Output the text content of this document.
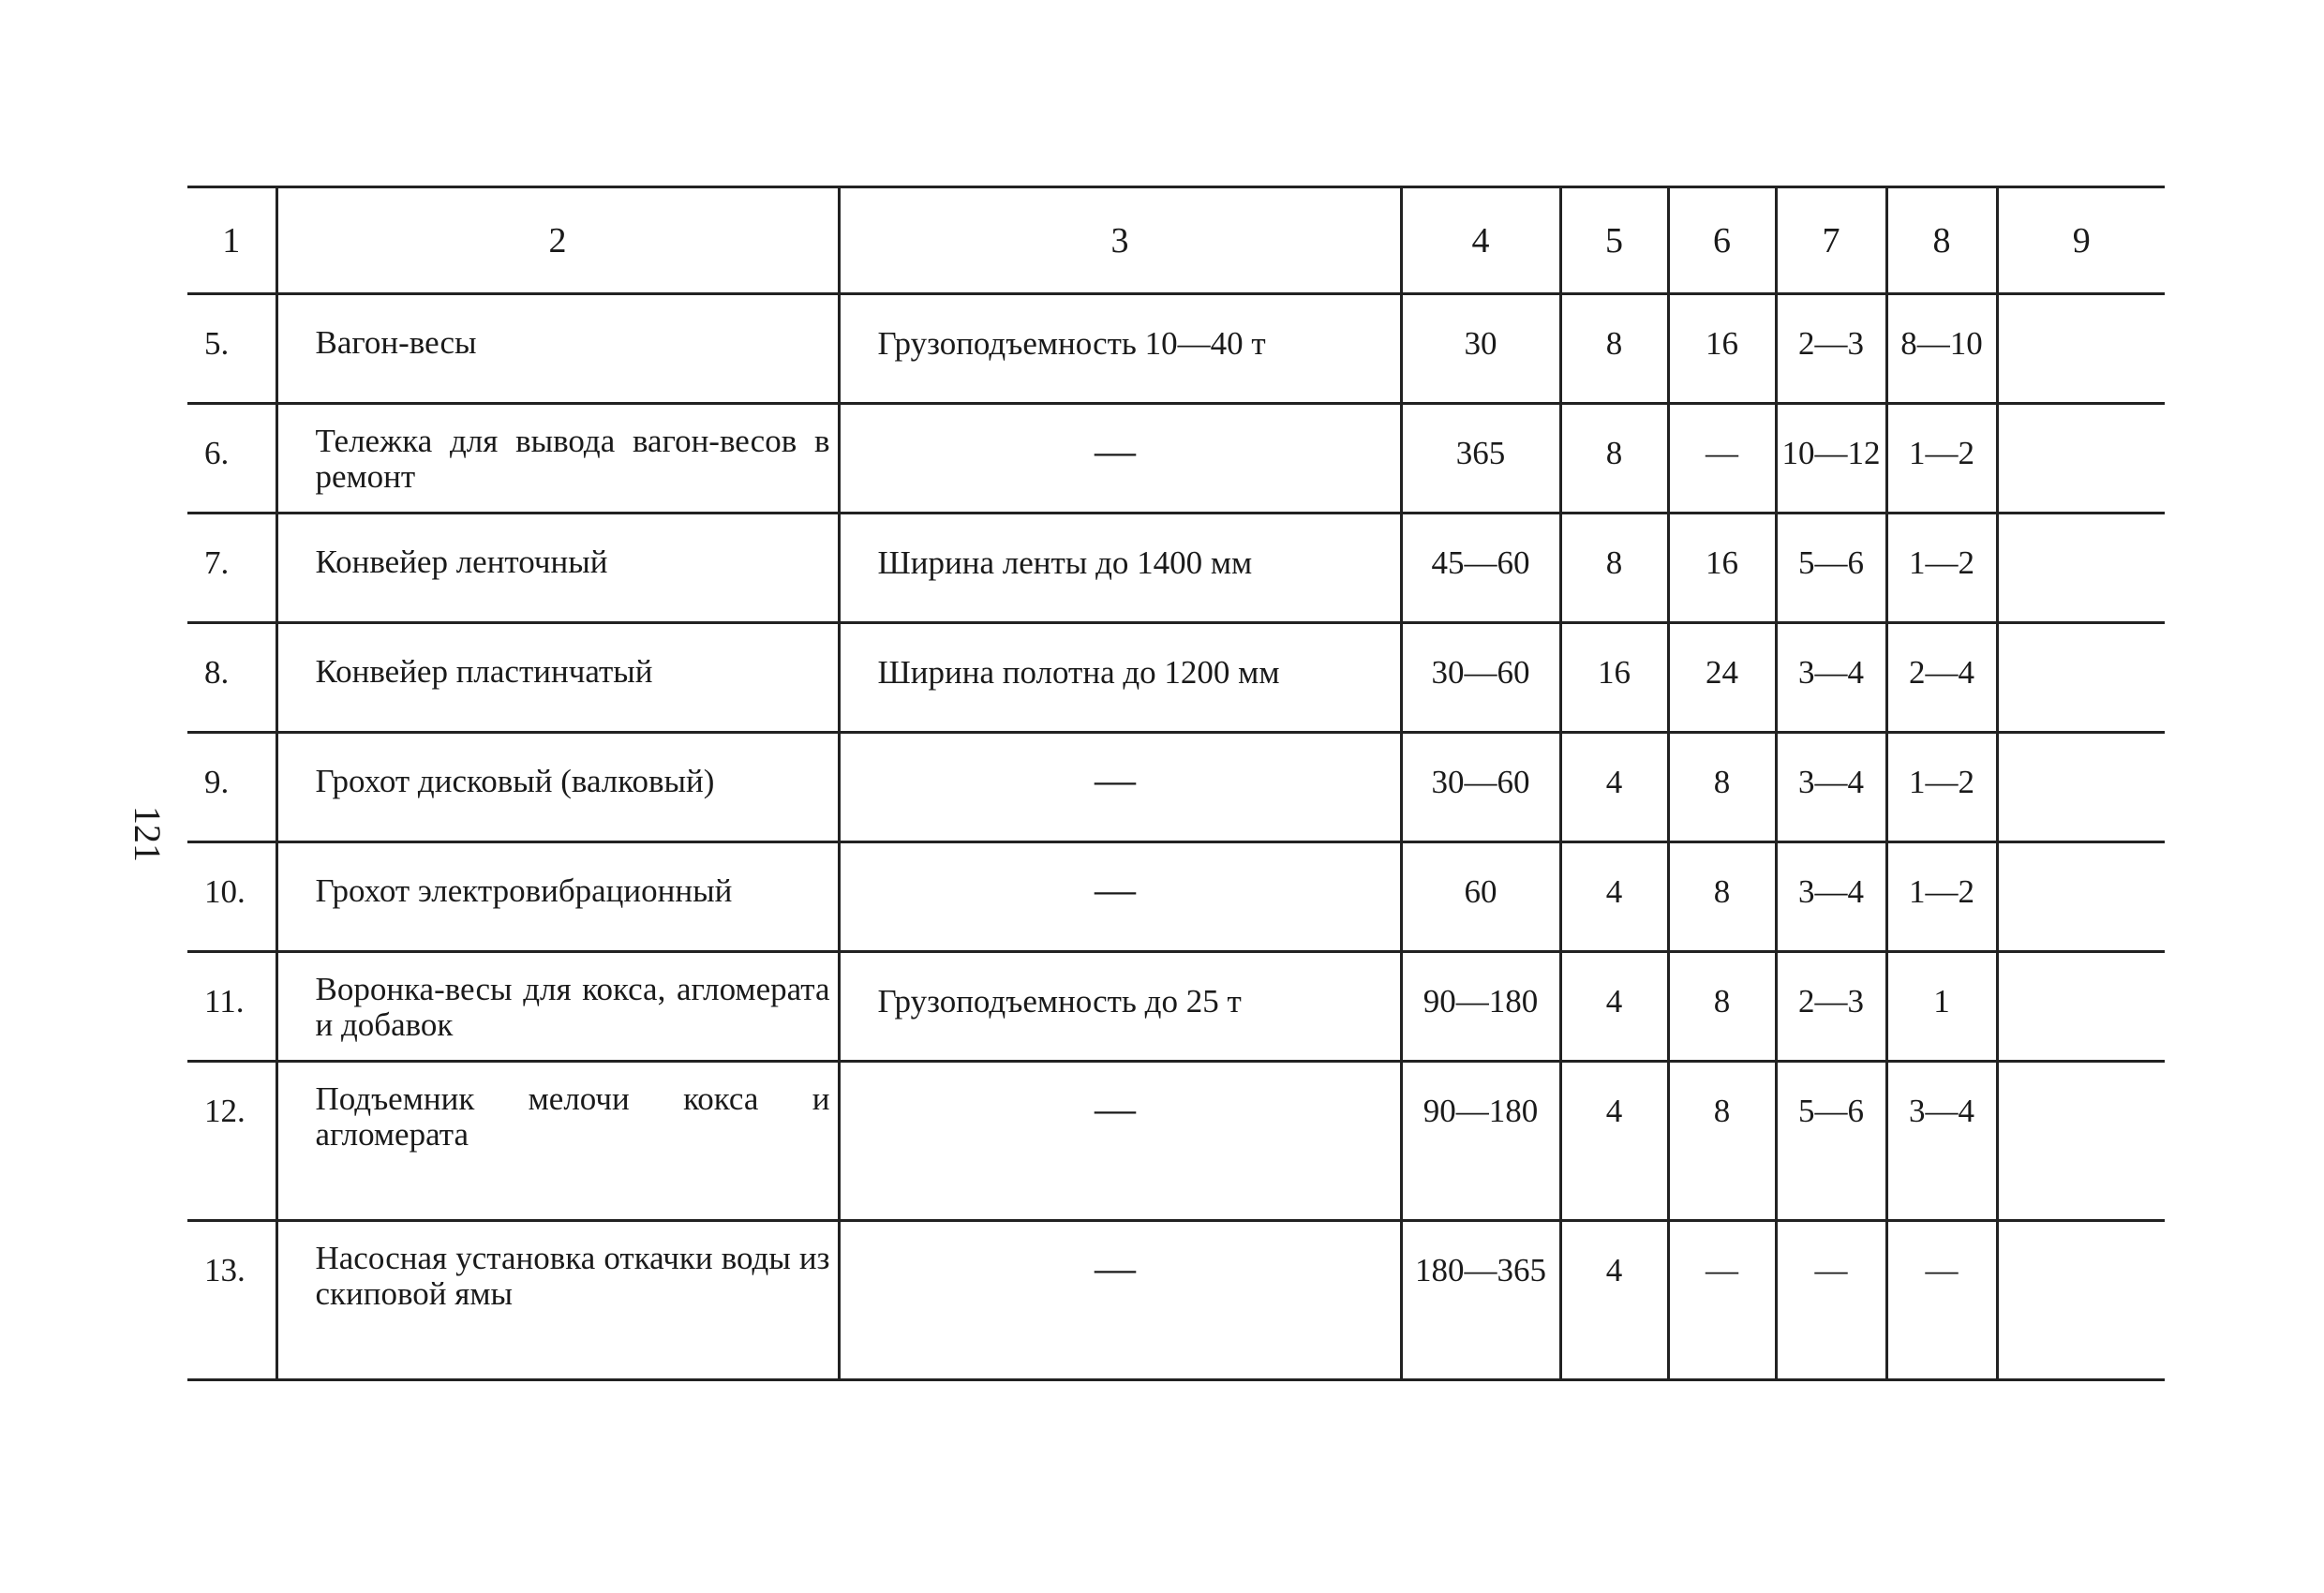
121
1	2	3	4	5	6	7	8	9
5.	Вагон-весы	Грузоподъемность 10—40 т	30	8	16	2—3	8—10	
6.	Тележка для вывода вагон-весов в ремонт	—	365	8	—	10—12	1—2	
7.	Конвейер ленточный	Ширина ленты до 1400 мм	45—60	8	16	5—6	1—2	
8.	Конвейер пластинчатый	Ширина полотна до 1200 мм	30—60	16	24	3—4	2—4	
9.	Грохот дисковый (валковый)	—	30—60	4	8	3—4	1—2	
10.	Грохот электровибрационный	—	60	4	8	3—4	1—2	
11.	Воронка-весы для кокса, агломерата и добавок	Грузоподъемность до 25 т	90—180	4	8	2—3	1	
12.	Подъемник мелочи кокса и агломерата	—	90—180	4	8	5—6	3—4	
13.	Насосная установка откачки воды из скиповой ямы	—	180—365	4	—	—	—	
